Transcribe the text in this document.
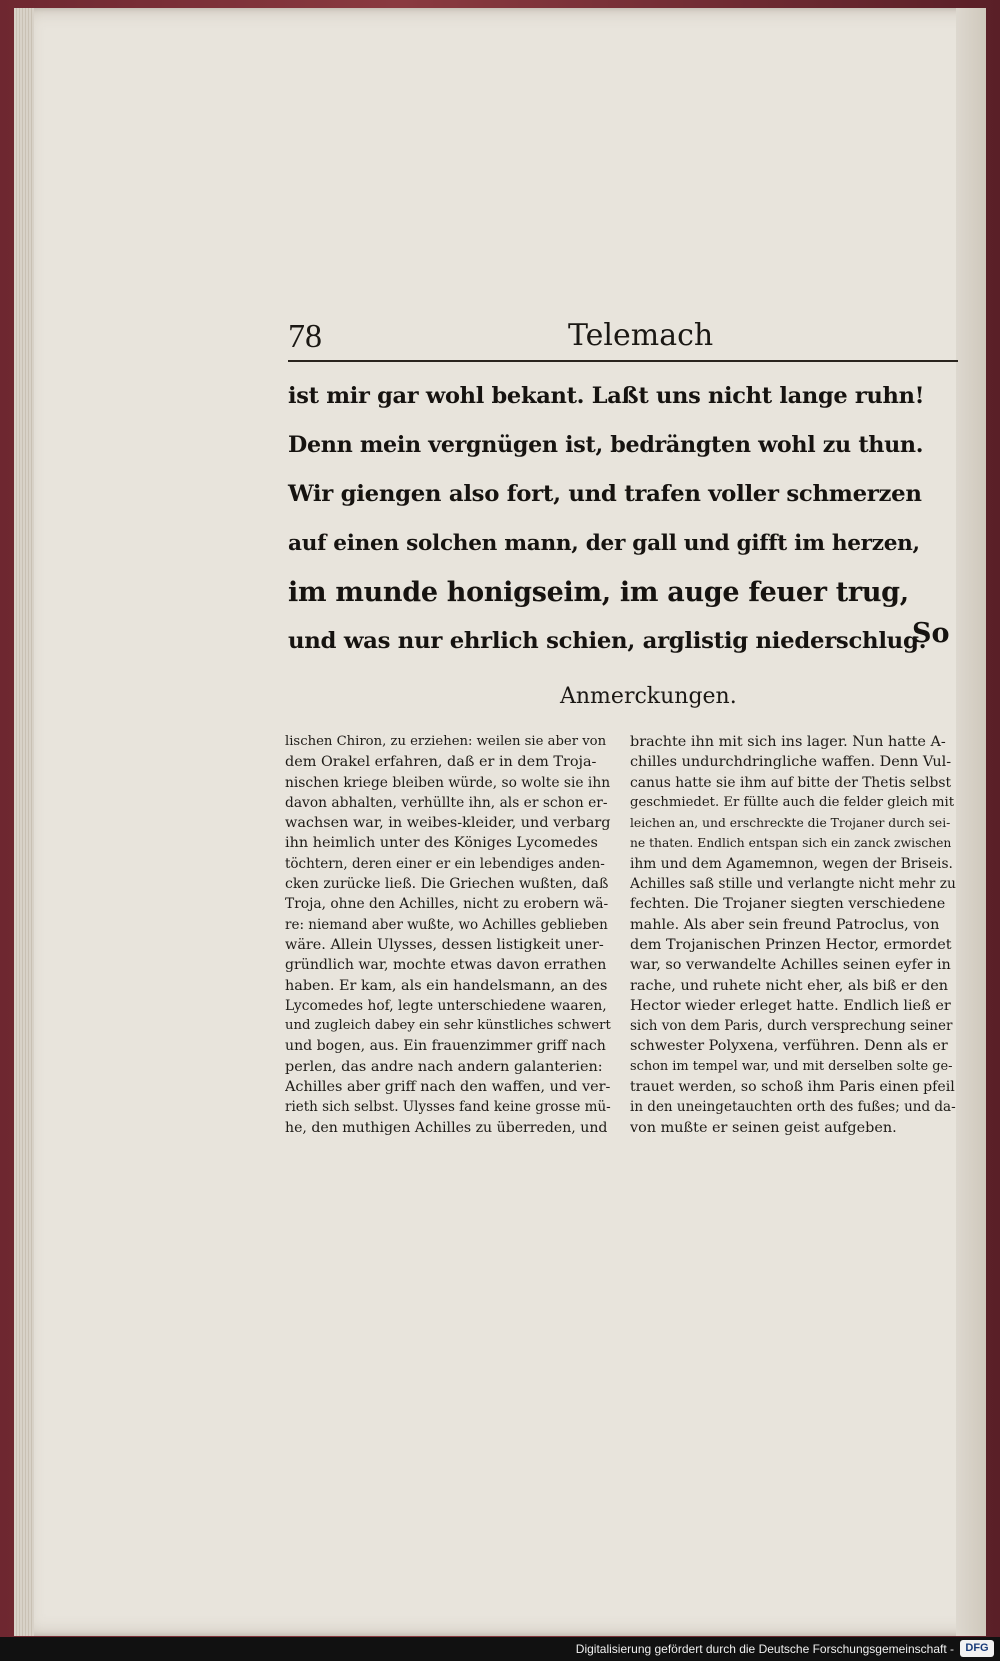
78	Telemach
ist mir gar wohl bekant. Laßt uns nicht lange ruhn!
Denn mein vergnügen ist, bedrängten wohl zu thun.
Wir giengen also fort, und trafen voller schmerzen
auf einen solchen mann, der gall und gifft im herzen,
im munde honigseim, im auge feuer trug,
und was nur ehrlich schien, arglistig niederschlug.
So
Anmerckungen.
lischen Chiron, zu erziehen: weilen sie aber von
dem Orakel erfahren, daß er in dem Troja-
nischen kriege bleiben würde, so wolte sie ihn
davon abhalten, verhüllte ihn, als er schon er-
wachsen war, in weibes-kleider, und verbarg
ihn heimlich unter des Königes Lycomedes
töchtern, deren einer er ein lebendiges anden-
cken zurücke ließ. Die Griechen wußten, daß
Troja, ohne den Achilles, nicht zu erobern wä-
re: niemand aber wußte, wo Achilles geblieben
wäre. Allein Ulysses, dessen listigkeit uner-
gründlich war, mochte etwas davon errathen
haben. Er kam, als ein handelsmann, an des
Lycomedes hof, legte unterschiedene waaren,
und zugleich dabey ein sehr künstliches schwert
und bogen, aus. Ein frauenzimmer griff nach
perlen, das andre nach andern galanterien:
Achilles aber griff nach den waffen, und ver-
rieth sich selbst. Ulysses fand keine grosse mü-
he, den muthigen Achilles zu überreden, und
brachte ihn mit sich ins lager. Nun hatte A-
chilles undurchdringliche waffen. Denn Vul-
canus hatte sie ihm auf bitte der Thetis selbst
geschmiedet. Er füllte auch die felder gleich mit
leichen an, und erschreckte die Trojaner durch sei-
ne thaten. Endlich entspan sich ein zanck zwischen
ihm und dem Agamemnon, wegen der Briseis.
Achilles saß stille und verlangte nicht mehr zu
fechten. Die Trojaner siegten verschiedene
mahle. Als aber sein freund Patroclus, von
dem Trojanischen Prinzen Hector, ermordet
war, so verwandelte Achilles seinen eyfer in
rache, und ruhete nicht eher, als biß er den
Hector wieder erleget hatte. Endlich ließ er
sich von dem Paris, durch versprechung seiner
schwester Polyxena, verführen. Denn als er
schon im tempel war, und mit derselben solte ge-
trauet werden, so schoß ihm Paris einen pfeil
in den uneingetauchten orth des fußes; und da-
von mußte er seinen geist aufgeben.
Digitalisierung gefördert durch die Deutsche Forschungsgemeinschaft -	DFG
